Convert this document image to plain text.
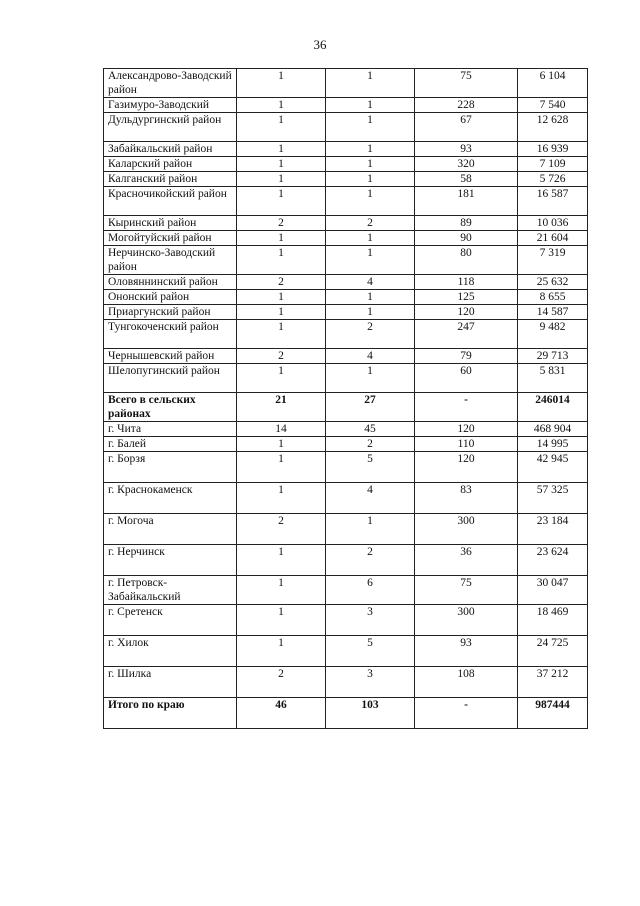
36
Александрово-Заводский район	1	1	75	6 104
Газимуро-Заводский	1	1	228	7 540
Дульдургинский район	1	1	67	12 628
Забайкальский район	1	1	93	16 939
Каларский район	1	1	320	7 109
Калганский район	1	1	58	5 726
Красночикойский район	1	1	181	16 587
Кыринский район	2	2	89	10 036
Могойтуйский район	1	1	90	21 604
Нерчинско-Заводский район	1	1	80	7 319
Оловяннинский район	2	4	118	25 632
Ононский район	1	1	125	8 655
Приаргунский район	1	1	120	14 587
Тунгокоченский район	1	2	247	9 482
Чернышевский район	2	4	79	29 713
Шелопугинский район	1	1	60	5 831
Всего в сельских районах	21	27	-	246014
г. Чита	14	45	120	468 904
г. Балей	1	2	110	14 995
г. Борзя	1	5	120	42 945
г. Краснокаменск	1	4	83	57 325
г. Могоча	2	1	300	23 184
г. Нерчинск	1	2	36	23 624
г. Петровск-Забайкальский	1	6	75	30 047
г. Сретенск	1	3	300	18 469
г. Хилок	1	5	93	24 725
г. Шилка	2	3	108	37 212
Итого по краю	46	103	-	987444
